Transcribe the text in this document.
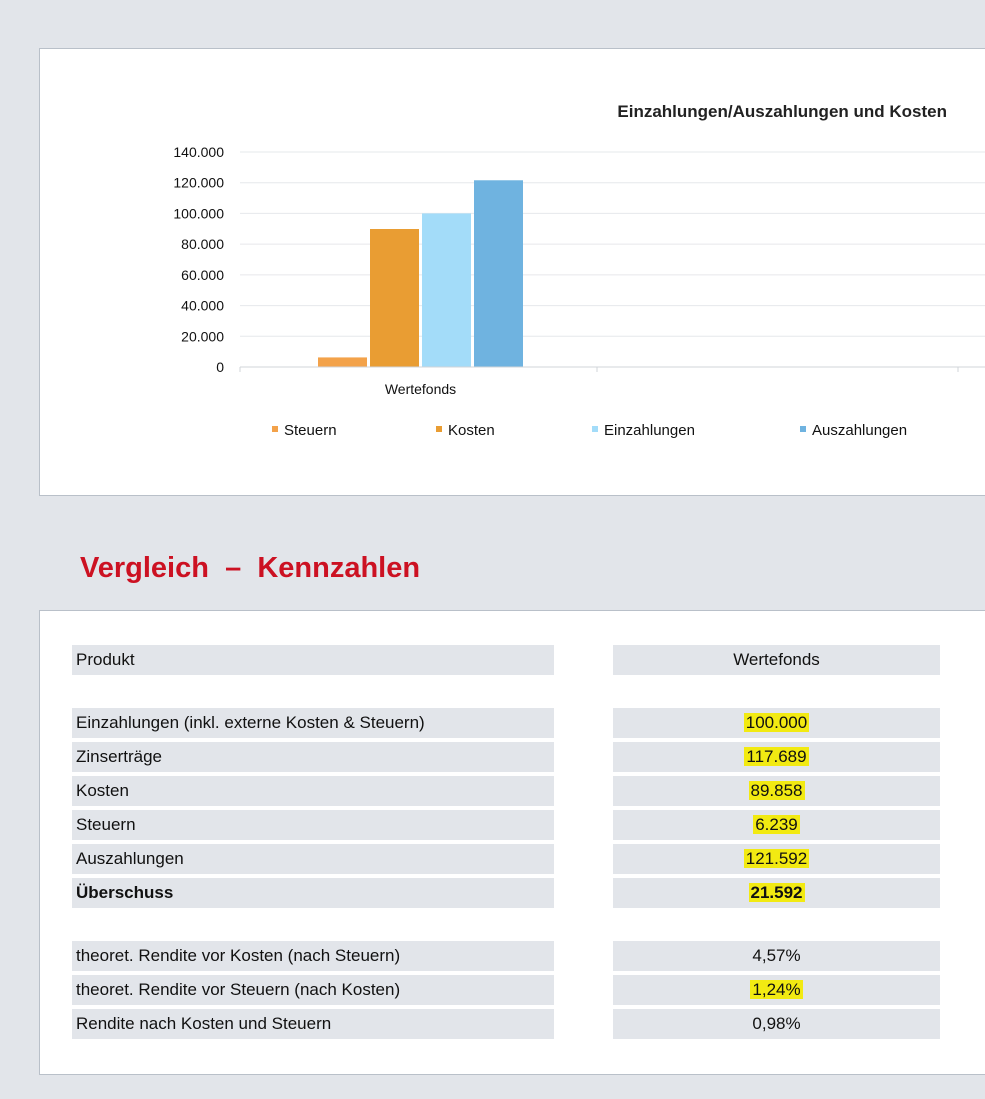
Einzahlungen/Auszahlungen und Kosten
0
20.000
40.000
60.000
80.000
100.000
120.000
140.000
Wertefonds
Steuern	Kosten	Einzahlungen	Auszahlungen
Vergleich  –  Kennzahlen
Produkt	Wertefonds
Einzahlungen (inkl. externe Kosten & Steuern)	100.000
Zinserträge	117.689
Kosten	89.858
Steuern	6.239
Auszahlungen	121.592
Überschuss	21.592
theoret. Rendite vor Kosten (nach Steuern)	4,57%
theoret. Rendite vor Steuern (nach Kosten)	1,24%
Rendite nach Kosten und Steuern	0,98%
